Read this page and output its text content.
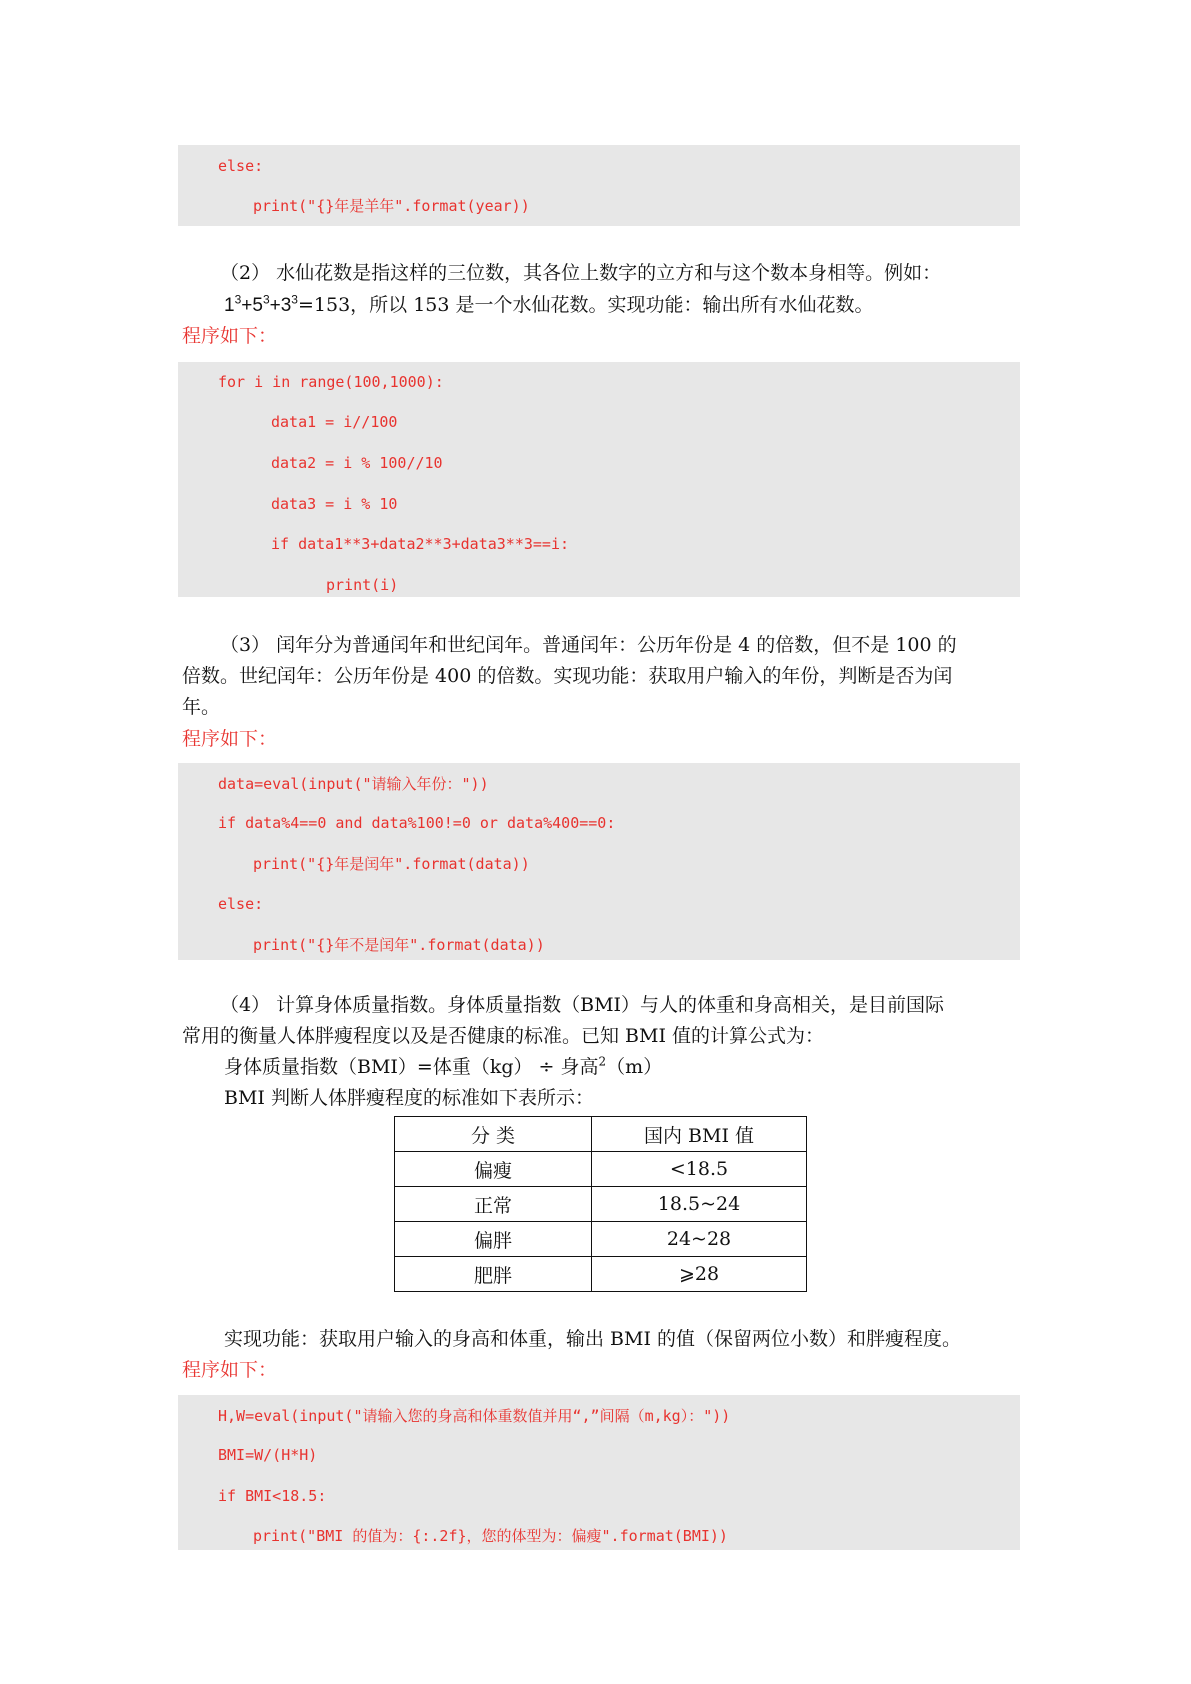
else:
print("{}年是羊年".format(year))
（2） 水仙花数是指这样的三位数，其各位上数字的立方和与这个数本身相等。例如：
$1^3+5^3+3^3=153$，所以 153 是一个水仙花数。实现功能：输出所有水仙花数。
程序如下：
for i in range(100,1000):
data1 = i//100
data2 = i % 100//10
data3 = i % 10
if data1**3+data2**3+data3**3==i:
print(i)
（3） 闰年分为普通闰年和世纪闰年。普通闰年：公历年份是 4 的倍数，但不是 100 的
倍数。世纪闰年：公历年份是 400 的倍数。实现功能：获取用户输入的年份，判断是否为闰
年。
程序如下：
data=eval(input("请输入年份："))
if data%4==0 and data%100!=0 or data%400==0:
print("{}年是闰年".format(data))
else:
print("{}年不是闰年".format(data))
（4） 计算身体质量指数。身体质量指数（BMI）与人的体重和身高相关，是目前国际
常用的衡量人体胖瘦程度以及是否健康的标准。已知 BMI 值的计算公式为：
身体质量指数（BMI）=体重（kg） ÷ 身高$^2$（m）
BMI 判断人体胖瘦程度的标准如下表所示：
分 类	国内 BMI 值
偏瘦	<18.5
正常	18.5~24
偏胖	24~28
肥胖	⩾28
实现功能：获取用户输入的身高和体重，输出 BMI 的值（保留两位小数）和胖瘦程度。
程序如下：
H,W=eval(input("请输入您的身高和体重数值并用“,”间隔（m,kg）："))
BMI=W/(H*H)
if BMI<18.5:
print("BMI 的值为：{:.2f}，您的体型为：偏瘦".format(BMI))
